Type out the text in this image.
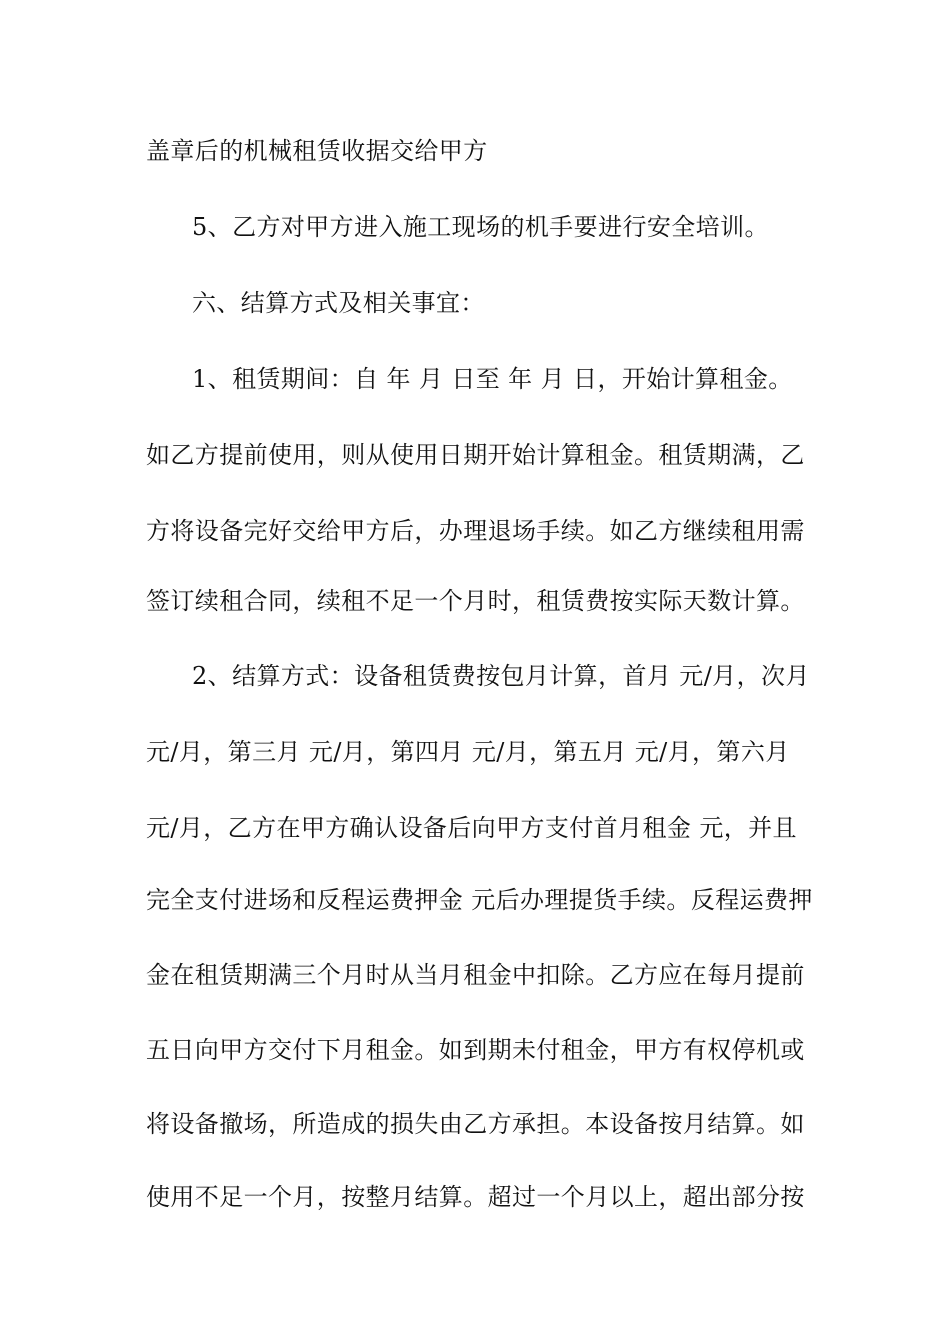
盖章后的机械租赁收据交给甲方
5、乙方对甲方进入施工现场的机手要进行安全培训。
六、结算方式及相关事宜：
1、租赁期间：自 年 月 日至 年 月 日，开始计算租金。
如乙方提前使用，则从使用日期开始计算租金。租赁期满，乙
方将设备完好交给甲方后，办理退场手续。如乙方继续租用需
签订续租合同，续租不足一个月时，租赁费按实际天数计算。
2、结算方式：设备租赁费按包月计算，首月 元/月，次月
元/月，第三月 元/月，第四月 元/月，第五月 元/月，第六月
元/月，乙方在甲方确认设备后向甲方支付首月租金 元，并且
完全支付进场和反程运费押金 元后办理提货手续。反程运费押
金在租赁期满三个月时从当月租金中扣除。乙方应在每月提前
五日向甲方交付下月租金。如到期未付租金，甲方有权停机或
将设备撤场，所造成的损失由乙方承担。本设备按月结算。如
使用不足一个月，按整月结算。超过一个月以上，超出部分按
